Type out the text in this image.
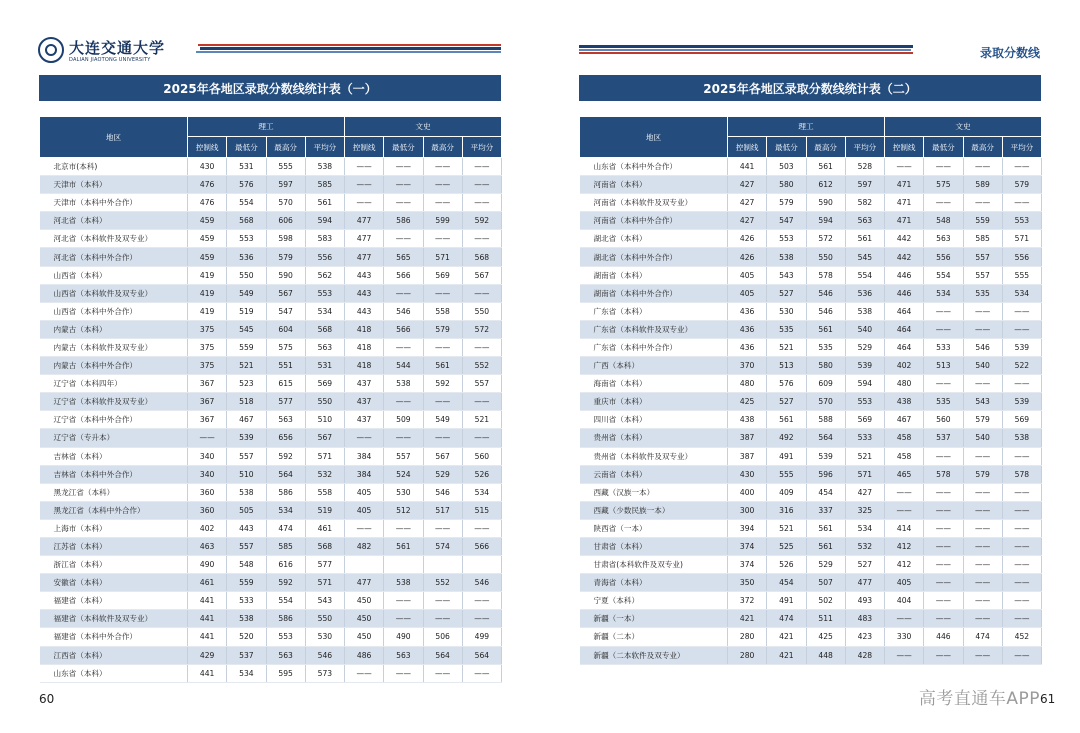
大连交通大学
DALIAN JIAOTONG UNIVERSITY
2025年各地区录取分数线统计表（一）
地区	理工				文史			
	控制线	最低分	最高分	平均分	控制线	最低分	最高分	平均分
北京市(本科)	430	531	555	538	——	——	——	——
天津市（本科）	476	576	597	585	——	——	——	——
天津市（本科中外合作）	476	554	570	561	——	——	——	——
河北省（本科）	459	568	606	594	477	586	599	592
河北省（本科软件及双专业）	459	553	598	583	477	——	——	——
河北省（本科中外合作）	459	536	579	556	477	565	571	568
山西省（本科）	419	550	590	562	443	566	569	567
山西省（本科软件及双专业）	419	549	567	553	443	——	——	——
山西省（本科中外合作）	419	519	547	534	443	546	558	550
内蒙古（本科）	375	545	604	568	418	566	579	572
内蒙古（本科软件及双专业）	375	559	575	563	418	——	——	——
内蒙古（本科中外合作）	375	521	551	531	418	544	561	552
辽宁省（本科四年）	367	523	615	569	437	538	592	557
辽宁省（本科软件及双专业）	367	518	577	550	437	——	——	——
辽宁省（本科中外合作）	367	467	563	510	437	509	549	521
辽宁省（专升本）	——	539	656	567	——	——	——	——
吉林省（本科）	340	557	592	571	384	557	567	560
吉林省（本科中外合作）	340	510	564	532	384	524	529	526
黑龙江省（本科）	360	538	586	558	405	530	546	534
黑龙江省（本科中外合作）	360	505	534	519	405	512	517	515
上海市（本科）	402	443	474	461	——	——	——	——
江苏省（本科）	463	557	585	568	482	561	574	566
浙江省（本科）	490	548	616	577				
安徽省（本科）	461	559	592	571	477	538	552	546
福建省（本科）	441	533	554	543	450	——	——	——
福建省（本科软件及双专业）	441	538	586	550	450	——	——	——
福建省（本科中外合作）	441	520	553	530	450	490	506	499
江西省（本科）	429	537	563	546	486	563	564	564
山东省（本科）	441	534	595	573	——	——	——	——
60
录取分数线
2025年各地区录取分数线统计表（二）
地区	理工				文史			
	控制线	最低分	最高分	平均分	控制线	最低分	最高分	平均分
山东省（本科中外合作）	441	503	561	528	——	——	——	——
河南省（本科）	427	580	612	597	471	575	589	579
河南省（本科软件及双专业）	427	579	590	582	471	——	——	——
河南省（本科中外合作）	427	547	594	563	471	548	559	553
湖北省（本科）	426	553	572	561	442	563	585	571
湖北省（本科中外合作）	426	538	550	545	442	556	557	556
湖南省（本科）	405	543	578	554	446	554	557	555
湖南省（本科中外合作）	405	527	546	536	446	534	535	534
广东省（本科）	436	530	546	538	464	——	——	——
广东省（本科软件及双专业）	436	535	561	540	464	——	——	——
广东省（本科中外合作）	436	521	535	529	464	533	546	539
广西（本科）	370	513	580	539	402	513	540	522
海南省（本科）	480	576	609	594	480	——	——	——
重庆市（本科）	425	527	570	553	438	535	543	539
四川省（本科）	438	561	588	569	467	560	579	569
贵州省（本科）	387	492	564	533	458	537	540	538
贵州省（本科软件及双专业）	387	491	539	521	458	——	——	——
云南省（本科）	430	555	596	571	465	578	579	578
西藏（汉族一本）	400	409	454	427	——	——	——	——
西藏（少数民族一本）	300	316	337	325	——	——	——	——
陕西省（一本）	394	521	561	534	414	——	——	——
甘肃省（本科）	374	525	561	532	412	——	——	——
甘肃省(本科软件及双专业)	374	526	529	527	412	——	——	——
青海省（本科）	350	454	507	477	405	——	——	——
宁夏（本科）	372	491	502	493	404	——	——	——
新疆（一本）	421	474	511	483	——	——	——	——
新疆（二本）	280	421	425	423	330	446	474	452
新疆（二本软件及双专业）	280	421	448	428	——	——	——	——
61
高考直通车APP
